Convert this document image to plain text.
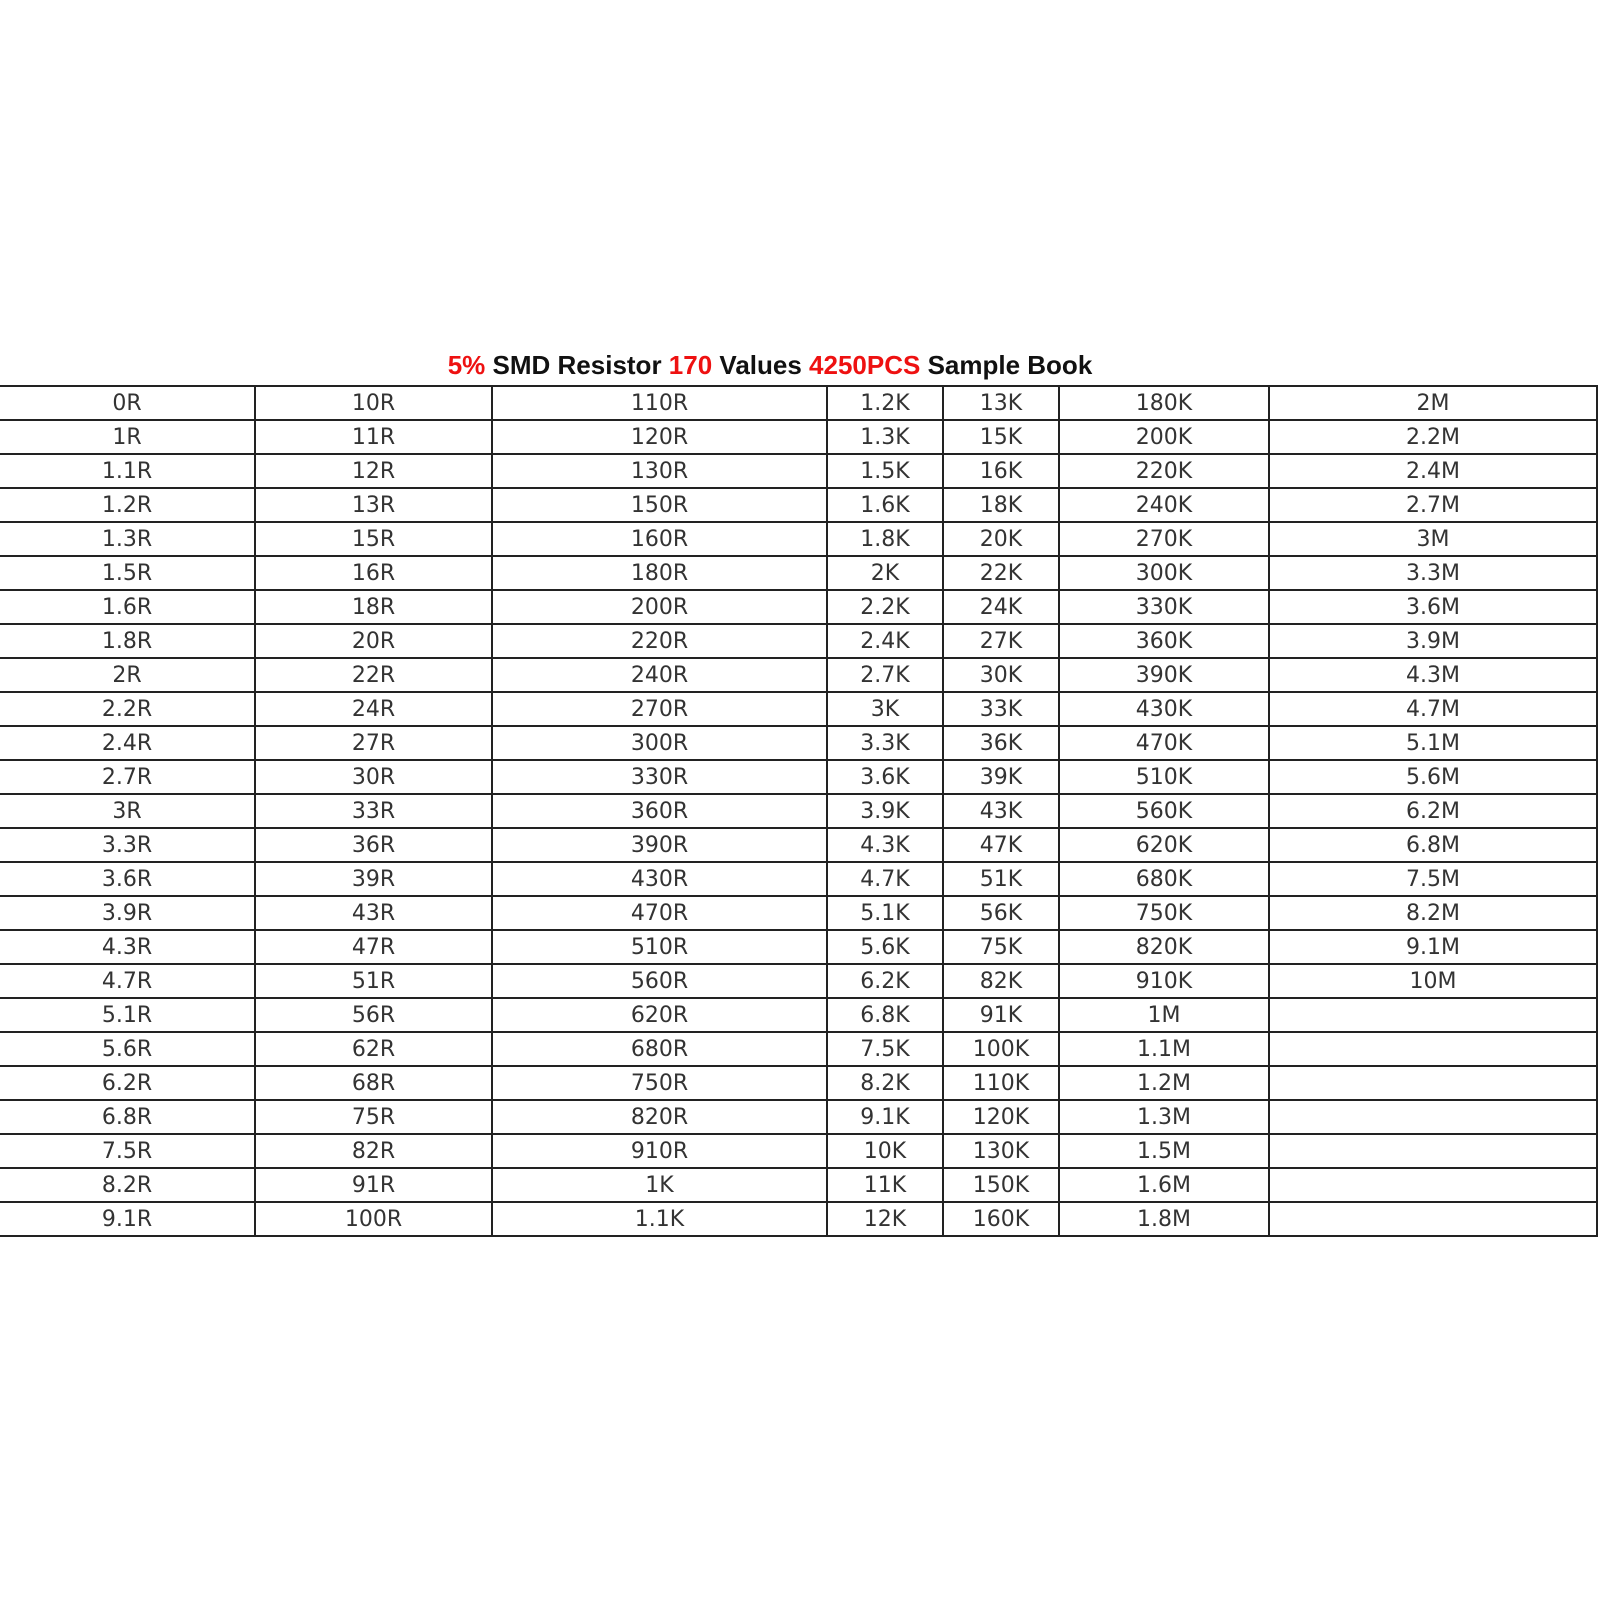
5% SMD Resistor 170 Values 4250PCS Sample Book
0R	10R	110R	1.2K	13K	180K	2M
1R	11R	120R	1.3K	15K	200K	2.2M
1.1R	12R	130R	1.5K	16K	220K	2.4M
1.2R	13R	150R	1.6K	18K	240K	2.7M
1.3R	15R	160R	1.8K	20K	270K	3M
1.5R	16R	180R	2K	22K	300K	3.3M
1.6R	18R	200R	2.2K	24K	330K	3.6M
1.8R	20R	220R	2.4K	27K	360K	3.9M
2R	22R	240R	2.7K	30K	390K	4.3M
2.2R	24R	270R	3K	33K	430K	4.7M
2.4R	27R	300R	3.3K	36K	470K	5.1M
2.7R	30R	330R	3.6K	39K	510K	5.6M
3R	33R	360R	3.9K	43K	560K	6.2M
3.3R	36R	390R	4.3K	47K	620K	6.8M
3.6R	39R	430R	4.7K	51K	680K	7.5M
3.9R	43R	470R	5.1K	56K	750K	8.2M
4.3R	47R	510R	5.6K	75K	820K	9.1M
4.7R	51R	560R	6.2K	82K	910K	10M
5.1R	56R	620R	6.8K	91K	1M	
5.6R	62R	680R	7.5K	100K	1.1M	
6.2R	68R	750R	8.2K	110K	1.2M	
6.8R	75R	820R	9.1K	120K	1.3M	
7.5R	82R	910R	10K	130K	1.5M	
8.2R	91R	1K	11K	150K	1.6M	
9.1R	100R	1.1K	12K	160K	1.8M	
